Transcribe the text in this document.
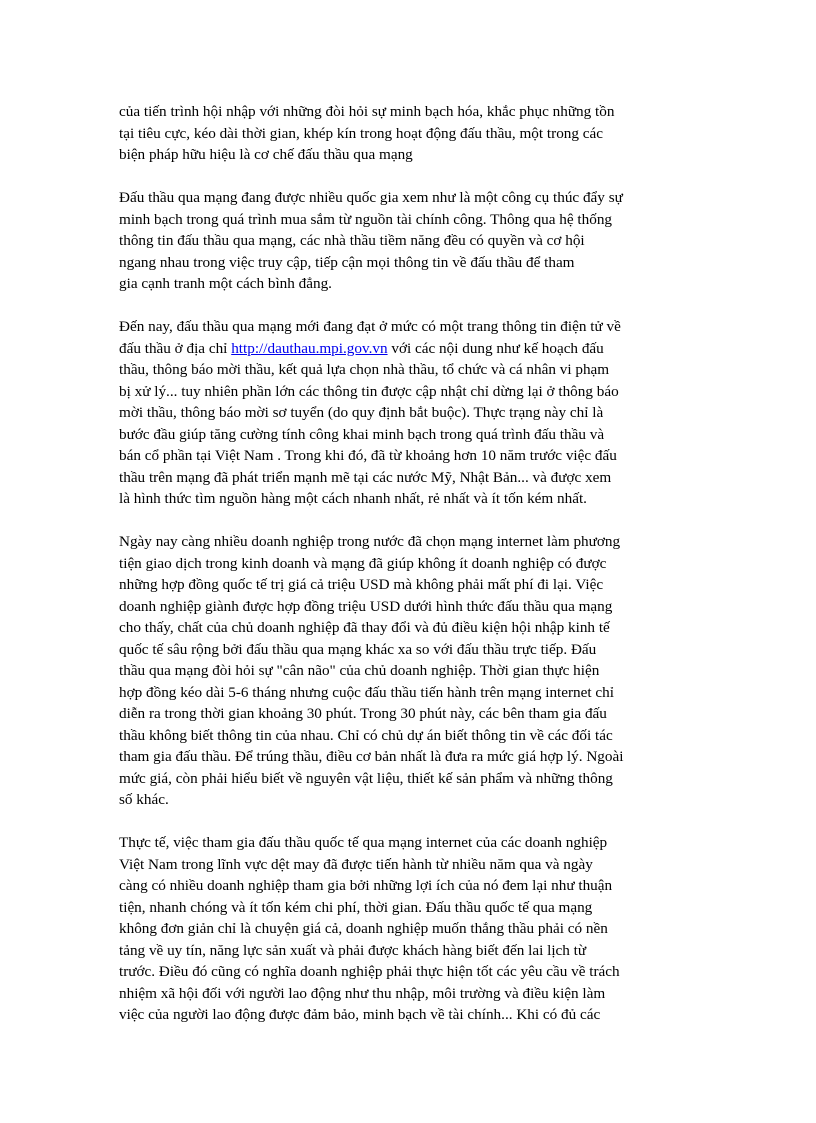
của tiến trình hội nhập với những đòi hỏi sự minh bạch hóa, khắc phục những tồn
tại tiêu cực, kéo dài thời gian, khép kín trong hoạt động đấu thầu, một trong các
biện pháp hữu hiệu là cơ chế đấu thầu qua mạng

Đấu thầu qua mạng đang được nhiều quốc gia xem như là một công cụ thúc đẩy sự
minh bạch trong quá trình mua sắm từ nguồn tài chính công. Thông qua hệ thống
thông tin đấu thầu qua mạng, các nhà thầu tiềm năng đều có quyền và cơ hội
ngang nhau trong việc truy cập, tiếp cận mọi thông tin về đấu thầu để tham
gia cạnh tranh một cách bình đẳng.

Đến nay, đấu thầu qua mạng mới đang đạt ở mức có một trang thông tin điện tử về
đấu thầu ở địa chỉ http://dauthau.mpi.gov.vn với các nội dung như kế hoạch đấu
thầu, thông báo mời thầu, kết quả lựa chọn nhà thầu, tổ chức và cá nhân vi phạm
bị xử lý... tuy nhiên phần lớn các thông tin được cập nhật chỉ dừng lại ở thông báo
mời thầu, thông báo mời sơ tuyển (do quy định bắt buộc). Thực trạng này chỉ là
bước đầu giúp tăng cường tính công khai minh bạch trong quá trình đấu thầu và
bán cổ phần tại Việt Nam . Trong khi đó, đã từ khoảng hơn 10 năm trước việc đấu
thầu trên mạng đã phát triển mạnh mẽ tại các nước Mỹ, Nhật Bản... và được xem
là hình thức tìm nguồn hàng một cách nhanh nhất, rẻ nhất và ít tốn kém nhất.

Ngày nay càng nhiều doanh nghiệp trong nước đã chọn mạng internet làm phương
tiện giao dịch trong kinh doanh và mạng đã giúp không ít doanh nghiệp có được
những hợp đồng quốc tế trị giá cả triệu USD mà không phải mất phí đi lại. Việc
doanh nghiệp giành được hợp đồng triệu USD dưới hình thức đấu thầu qua mạng
cho thấy, chất của chủ doanh nghiệp đã thay đổi và đủ điều kiện hội nhập kinh tế
quốc tế sâu rộng bởi đấu thầu qua mạng khác xa so với đấu thầu trực tiếp. Đấu
thầu qua mạng đòi hỏi sự "cân não" của chủ doanh nghiệp. Thời gian thực hiện
hợp đồng kéo dài 5-6 tháng nhưng cuộc đấu thầu tiến hành trên mạng internet chỉ
diễn ra trong thời gian khoảng 30 phút. Trong 30 phút này, các bên tham gia đấu
thầu không biết thông tin của nhau. Chỉ có chủ dự án biết thông tin về các đối tác
tham gia đấu thầu. Để trúng thầu, điều cơ bản nhất là đưa ra mức giá hợp lý. Ngoài
mức giá, còn phải hiểu biết về nguyên vật liệu, thiết kế sản phẩm và những thông
số khác.

Thực tế, việc tham gia đấu thầu quốc tế qua mạng internet của các doanh nghiệp
Việt Nam trong lĩnh vực dệt may đã được tiến hành từ nhiều năm qua và ngày
càng có nhiều doanh nghiệp tham gia bởi những lợi ích của nó đem lại như thuận
tiện, nhanh chóng và ít tốn kém chi phí, thời gian. Đấu thầu quốc tế qua mạng
không đơn giản chỉ là chuyện giá cả, doanh nghiệp muốn thắng thầu phải có nền
tảng về uy tín, năng lực sản xuất và phải được khách hàng biết đến lai lịch từ
trước. Điều đó cũng có nghĩa doanh nghiệp phải thực hiện tốt các yêu cầu về trách
nhiệm xã hội đối với người lao động như thu nhập, môi trường và điều kiện làm
việc của người lao động được đảm bảo, minh bạch về tài chính... Khi có đủ các
